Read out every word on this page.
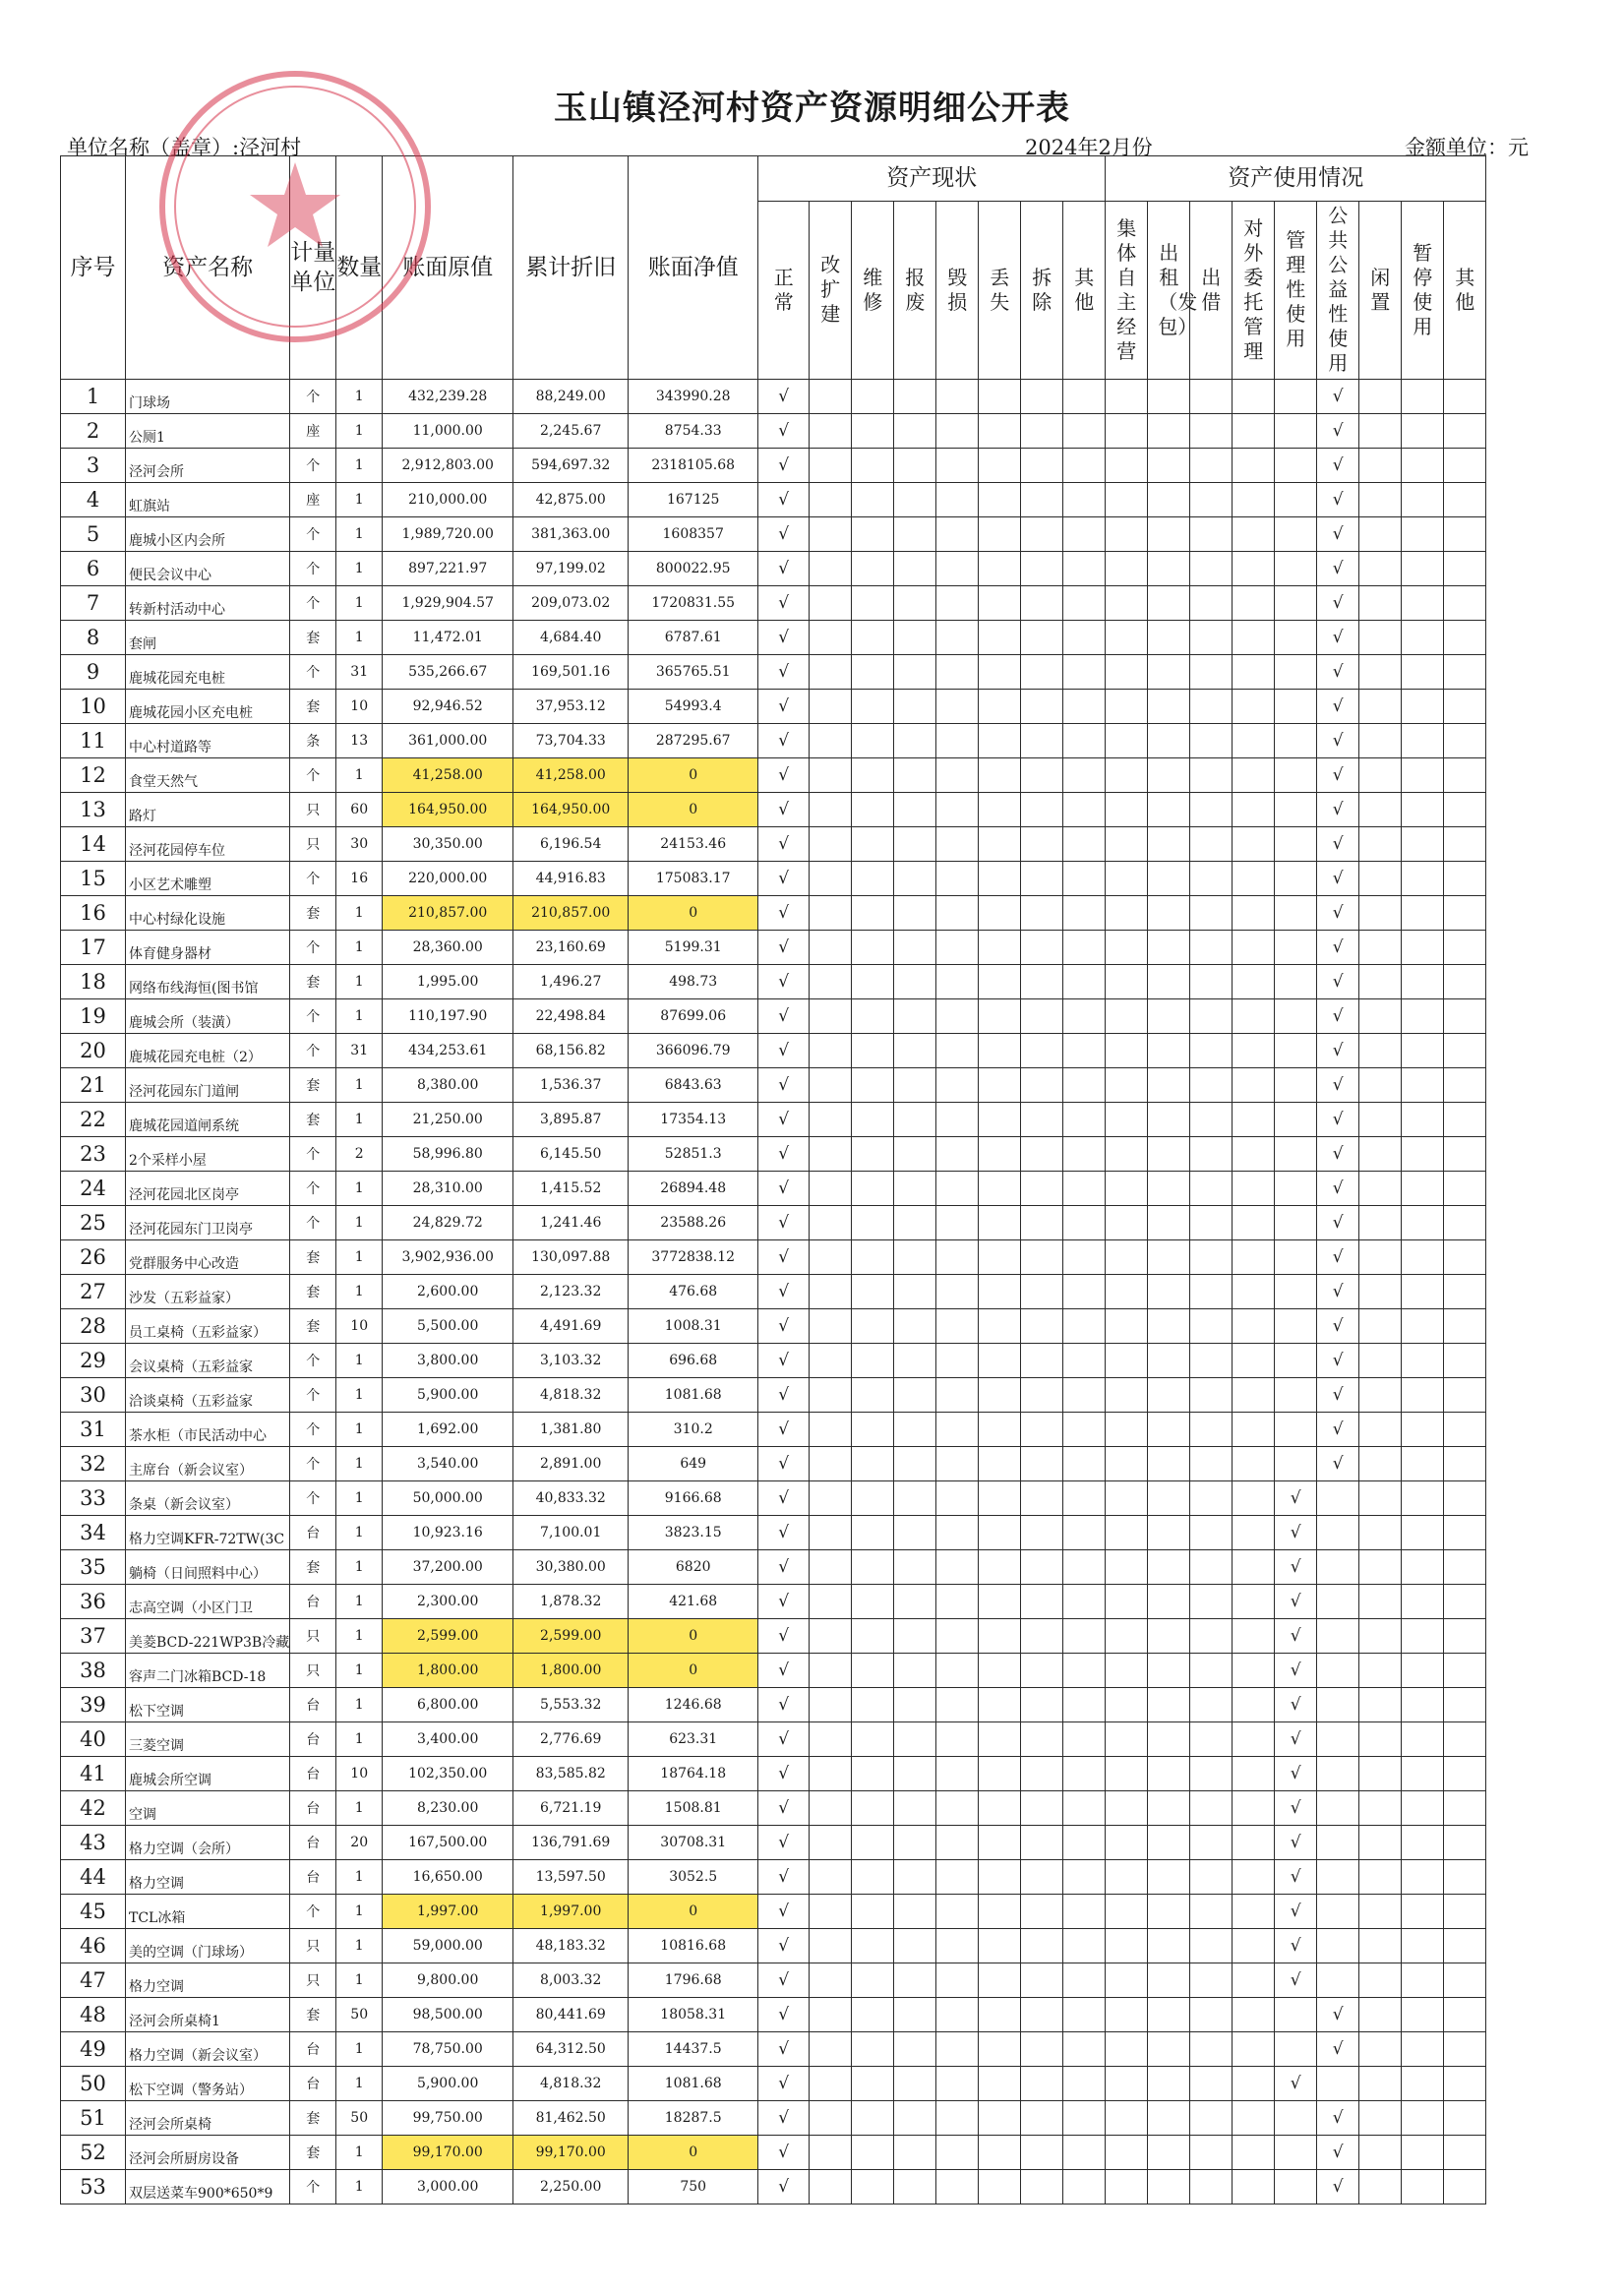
玉山镇泾河村资产资源明细公开表
单位名称（盖章）:泾河村	2024年2月份	金额单位：元
序号	资产名称	计量单位	数量	账面原值	累计折旧	账面净值	资产现状								资产使用情况								
							正常	改扩建	维修	报废	毁损	丢失	拆除	其他	集体自主经营	出租（发包）	出借	对外委托管理	管理性使用	公共公益性使用	闲置	暂停使用	其他
1	门球场	个	1	432,239.28	88,249.00	343990.28	√													√			
2	公厕1	座	1	11,000.00	2,245.67	8754.33	√													√			
3	泾河会所	个	1	2,912,803.00	594,697.32	2318105.68	√													√			
4	虹旗站	座	1	210,000.00	42,875.00	167125	√													√			
5	鹿城小区内会所	个	1	1,989,720.00	381,363.00	1608357	√													√			
6	便民会议中心	个	1	897,221.97	97,199.02	800022.95	√													√			
7	转新村活动中心	个	1	1,929,904.57	209,073.02	1720831.55	√													√			
8	套闸	套	1	11,472.01	4,684.40	6787.61	√													√			
9	鹿城花园充电桩	个	31	535,266.67	169,501.16	365765.51	√													√			
10	鹿城花园小区充电桩	套	10	92,946.52	37,953.12	54993.4	√													√			
11	中心村道路等	条	13	361,000.00	73,704.33	287295.67	√													√			
12	食堂天然气	个	1	41,258.00	41,258.00	0	√													√			
13	路灯	只	60	164,950.00	164,950.00	0	√													√			
14	泾河花园停车位	只	30	30,350.00	6,196.54	24153.46	√													√			
15	小区艺术雕塑	个	16	220,000.00	44,916.83	175083.17	√													√			
16	中心村绿化设施	套	1	210,857.00	210,857.00	0	√													√			
17	体育健身器材	个	1	28,360.00	23,160.69	5199.31	√													√			
18	网络布线海恒(图书馆	套	1	1,995.00	1,496.27	498.73	√													√			
19	鹿城会所（装潢）	个	1	110,197.90	22,498.84	87699.06	√													√			
20	鹿城花园充电桩（2）	个	31	434,253.61	68,156.82	366096.79	√													√			
21	泾河花园东门道闸	套	1	8,380.00	1,536.37	6843.63	√													√			
22	鹿城花园道闸系统	套	1	21,250.00	3,895.87	17354.13	√													√			
23	2个采样小屋	个	2	58,996.80	6,145.50	52851.3	√													√			
24	泾河花园北区岗亭	个	1	28,310.00	1,415.52	26894.48	√													√			
25	泾河花园东门卫岗亭	个	1	24,829.72	1,241.46	23588.26	√													√			
26	党群服务中心改造	套	1	3,902,936.00	130,097.88	3772838.12	√													√			
27	沙发（五彩益家）	套	1	2,600.00	2,123.32	476.68	√													√			
28	员工桌椅（五彩益家）	套	10	5,500.00	4,491.69	1008.31	√													√			
29	会议桌椅（五彩益家	个	1	3,800.00	3,103.32	696.68	√													√			
30	洽谈桌椅（五彩益家	个	1	5,900.00	4,818.32	1081.68	√													√			
31	茶水柜（市民活动中心	个	1	1,692.00	1,381.80	310.2	√													√			
32	主席台（新会议室）	个	1	3,540.00	2,891.00	649	√													√			
33	条桌（新会议室）	个	1	50,000.00	40,833.32	9166.68	√												√				
34	格力空调KFR-72TW(3C	台	1	10,923.16	7,100.01	3823.15	√												√				
35	躺椅（日间照料中心）	套	1	37,200.00	30,380.00	6820	√												√				
36	志高空调（小区门卫	台	1	2,300.00	1,878.32	421.68	√												√				
37	美菱BCD-221WP3B冷藏	只	1	2,599.00	2,599.00	0	√												√				
38	容声二门冰箱BCD-18	只	1	1,800.00	1,800.00	0	√												√				
39	松下空调	台	1	6,800.00	5,553.32	1246.68	√												√				
40	三菱空调	台	1	3,400.00	2,776.69	623.31	√												√				
41	鹿城会所空调	台	10	102,350.00	83,585.82	18764.18	√												√				
42	空调	台	1	8,230.00	6,721.19	1508.81	√												√				
43	格力空调（会所）	台	20	167,500.00	136,791.69	30708.31	√												√				
44	格力空调	台	1	16,650.00	13,597.50	3052.5	√												√				
45	TCL冰箱	个	1	1,997.00	1,997.00	0	√												√				
46	美的空调（门球场）	只	1	59,000.00	48,183.32	10816.68	√												√				
47	格力空调	只	1	9,800.00	8,003.32	1796.68	√												√				
48	泾河会所桌椅1	套	50	98,500.00	80,441.69	18058.31	√													√			
49	格力空调（新会议室）	台	1	78,750.00	64,312.50	14437.5	√													√			
50	松下空调（警务站）	台	1	5,900.00	4,818.32	1081.68	√												√				
51	泾河会所桌椅	套	50	99,750.00	81,462.50	18287.5	√													√			
52	泾河会所厨房设备	套	1	99,170.00	99,170.00	0	√													√			
53	双层送菜车900*650*9	个	1	3,000.00	2,250.00	750	√													√			
